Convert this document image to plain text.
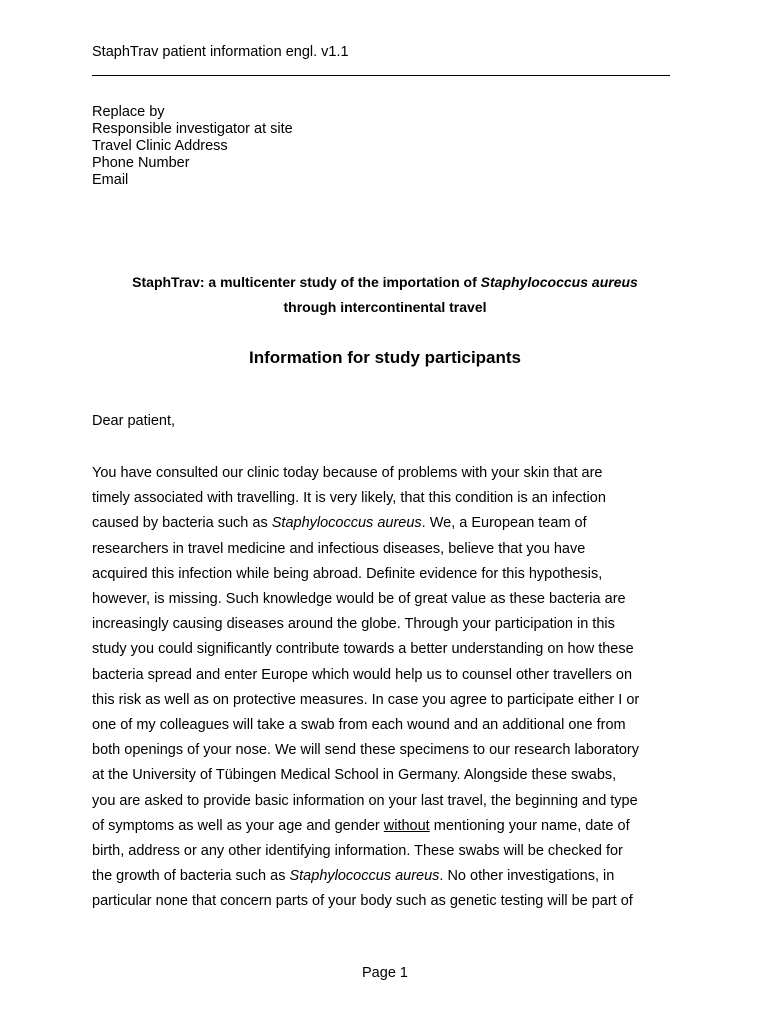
StaphTrav patient information engl. v1.1
Replace by
Responsible investigator at site
Travel Clinic Address
Phone Number
Email
StaphTrav: a multicenter study of the importation of Staphylococcus aureus
through intercontinental travel
Information for study participants
Dear patient,
You have consulted our clinic today because of problems with your skin that are
timely associated with travelling. It is very likely, that this condition is an infection
caused by bacteria such as Staphylococcus aureus. We, a European team of
researchers in travel medicine and infectious diseases, believe that you have
acquired this infection while being abroad. Definite evidence for this hypothesis,
however, is missing. Such knowledge would be of great value as these bacteria are
increasingly causing diseases around the globe. Through your participation in this
study you could significantly contribute towards a better understanding on how these
bacteria spread and enter Europe which would help us to counsel other travellers on
this risk as well as on protective measures. In case you agree to participate either I or
one of my colleagues will take a swab from each wound and an additional one from
both openings of your nose. We will send these specimens to our research laboratory
at the University of Tübingen Medical School in Germany. Alongside these swabs,
you are asked to provide basic information on your last travel, the beginning and type
of symptoms as well as your age and gender without mentioning your name, date of
birth, address or any other identifying information. These swabs will be checked for
the growth of bacteria such as Staphylococcus aureus. No other investigations, in
particular none that concern parts of your body such as genetic testing will be part of
Page 1
